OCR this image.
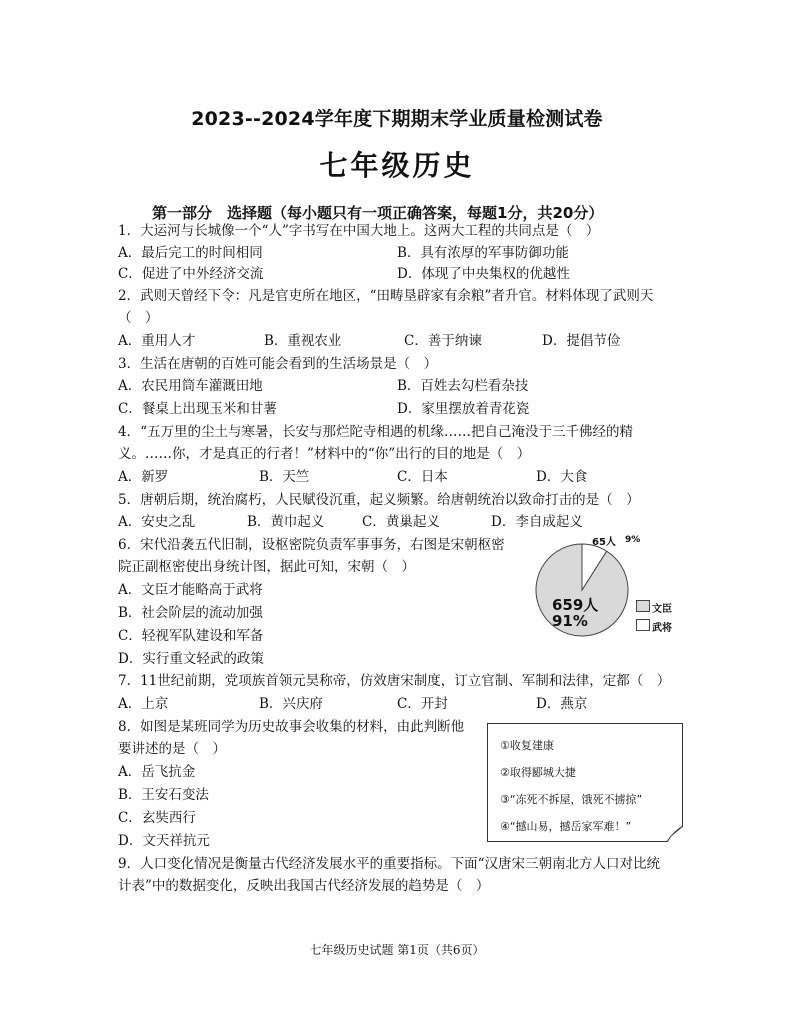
2023--2024学年度下期期末学业质量检测试卷
七年级历史
第一部分　选择题（每小题只有一项正确答案，每题1分，共20分）
1．大运河与长城像一个“人”字书写在中国大地上。这两大工程的共同点是（　）
A．最后完工的时间相同	B．具有浓厚的军事防御功能
C．促进了中外经济交流	D．体现了中央集权的优越性
2．武则天曾经下令：凡是官吏所在地区，“田畴垦辟家有余粮”者升官。材料体现了武则天
（　）
A．重用人才	B．重视农业	C．善于纳谏	D．提倡节俭
3．生活在唐朝的百姓可能会看到的生活场景是（　）
A．农民用筒车灌溉田地	B．百姓去勾栏看杂技
C．餐桌上出现玉米和甘薯	D．家里摆放着青花瓷
4．“五万里的尘土与寒暑，长安与那烂陀寺相遇的机缘……把自己淹没于三千佛经的精
义。……你，才是真正的行者！”材料中的“你”出行的目的地是（　）
A．新罗	B．天竺	C．日本	D．大食
5．唐朝后期，统治腐朽，人民赋役沉重，起义频繁。给唐朝统治以致命打击的是（　）
A．安史之乱	B．黄巾起义	C．黄巢起义	D．李自成起义
6．宋代沿袭五代旧制，设枢密院负责军事事务，右图是宋朝枢密
院正副枢密使出身统计图，据此可知，宋朝（　）
A．文臣才能略高于武将
B．社会阶层的流动加强
C．轻视军队建设和军备
D．实行重文轻武的政策
65人 9%
659人
91%
文臣
武将
7．11世纪前期，党项族首领元昊称帝，仿效唐宋制度，订立官制、军制和法律，定都（　）
A．上京	B．兴庆府	C．开封	D．燕京
8．如图是某班同学为历史故事会收集的材料，由此判断他
要讲述的是（　）
A．岳飞抗金
B．王安石变法
C．玄奘西行
D．文天祥抗元
①收复建康
②取得郾城大捷
③“冻死不拆屋，饿死不掳掠”
④“撼山易，撼岳家军难！”
9．人口变化情况是衡量古代经济发展水平的重要指标。下面“汉唐宋三朝南北方人口对比统
计表”中的数据变化，反映出我国古代经济发展的趋势是（　）
七年级历史试题 第1页（共6页）
